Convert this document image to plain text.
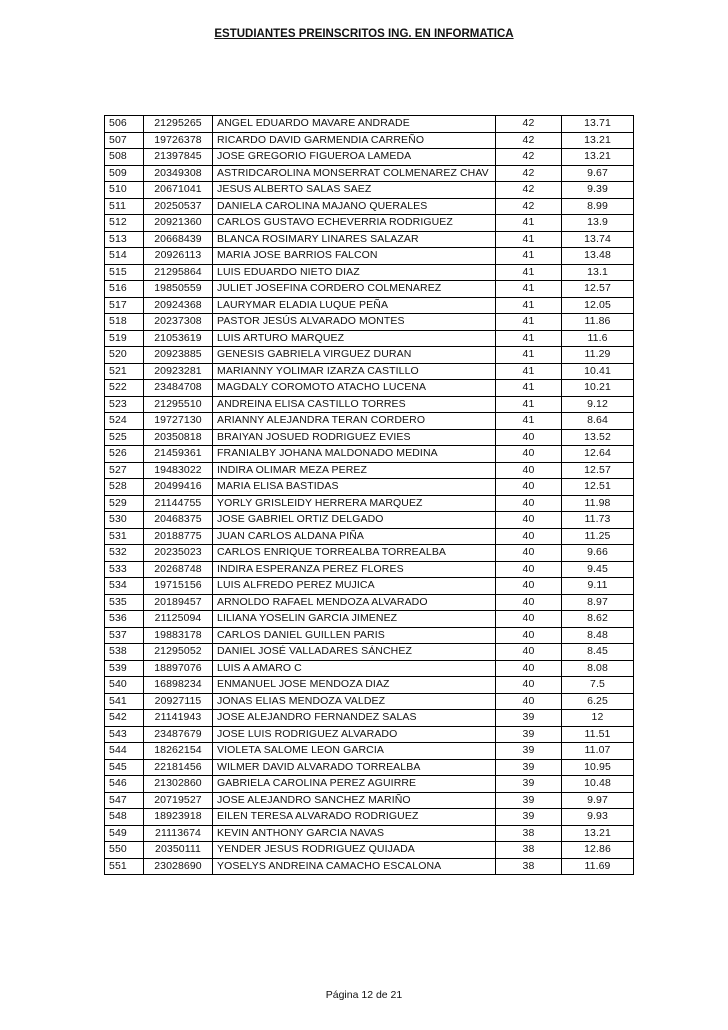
ESTUDIANTES PREINSCRITOS ING. EN INFORMATICA
506	21295265	ANGEL EDUARDO MAVARE ANDRADE	42	13.71
507	19726378	RICARDO DAVID GARMENDIA CARREÑO	42	13.21
508	21397845	JOSE GREGORIO FIGUEROA LAMEDA	42	13.21
509	20349308	ASTRIDCAROLINA MONSERRAT COLMENAREZ CHAV	42	9.67
510	20671041	JESUS ALBERTO SALAS SAEZ	42	9.39
511	20250537	DANIELA CAROLINA MAJANO QUERALES	42	8.99
512	20921360	CARLOS GUSTAVO ECHEVERRIA RODRIGUEZ	41	13.9
513	20668439	BLANCA ROSIMARY LINARES SALAZAR	41	13.74
514	20926113	MARIA JOSE BARRIOS FALCON	41	13.48
515	21295864	LUIS EDUARDO NIETO DIAZ	41	13.1
516	19850559	JULIET JOSEFINA CORDERO COLMENAREZ	41	12.57
517	20924368	LAURYMAR ELADIA LUQUE PEÑA	41	12.05
518	20237308	PASTOR JESÚS ALVARADO MONTES	41	11.86
519	21053619	LUIS ARTURO MARQUEZ	41	11.6
520	20923885	GENESIS GABRIELA VIRGUEZ DURAN	41	11.29
521	20923281	MARIANNY YOLIMAR IZARZA CASTILLO	41	10.41
522	23484708	MAGDALY COROMOTO ATACHO LUCENA	41	10.21
523	21295510	ANDREINA ELISA CASTILLO TORRES	41	9.12
524	19727130	ARIANNY ALEJANDRA TERAN CORDERO	41	8.64
525	20350818	BRAIYAN JOSUED RODRIGUEZ EVIES	40	13.52
526	21459361	FRANIALBY JOHANA MALDONADO MEDINA	40	12.64
527	19483022	INDIRA OLIMAR MEZA PEREZ	40	12.57
528	20499416	MARIA ELISA BASTIDAS	40	12.51
529	21144755	YORLY GRISLEIDY HERRERA MARQUEZ	40	11.98
530	20468375	JOSE GABRIEL ORTIZ DELGADO	40	11.73
531	20188775	JUAN CARLOS ALDANA PIÑA	40	11.25
532	20235023	CARLOS ENRIQUE TORREALBA TORREALBA	40	9.66
533	20268748	INDIRA ESPERANZA PEREZ FLORES	40	9.45
534	19715156	LUIS ALFREDO PEREZ MUJICA	40	9.11
535	20189457	ARNOLDO RAFAEL MENDOZA ALVARADO	40	8.97
536	21125094	LILIANA YOSELIN GARCIA JIMENEZ	40	8.62
537	19883178	CARLOS DANIEL GUILLEN PARIS	40	8.48
538	21295052	DANIEL JOSÉ VALLADARES SÁNCHEZ	40	8.45
539	18897076	LUIS A AMARO C	40	8.08
540	16898234	ENMANUEL JOSE MENDOZA DIAZ	40	7.5
541	20927115	JONAS ELIAS MENDOZA VALDEZ	40	6.25
542	21141943	JOSE ALEJANDRO FERNANDEZ SALAS	39	12
543	23487679	JOSE LUIS RODRIGUEZ ALVARADO	39	11.51
544	18262154	VIOLETA SALOME LEON GARCIA	39	11.07
545	22181456	WILMER DAVID ALVARADO TORREALBA	39	10.95
546	21302860	GABRIELA CAROLINA PEREZ AGUIRRE	39	10.48
547	20719527	JOSE ALEJANDRO SANCHEZ MARIÑO	39	9.97
548	18923918	EILEN TERESA ALVARADO RODRIGUEZ	39	9.93
549	21113674	KEVIN ANTHONY GARCIA NAVAS	38	13.21
550	20350111	YENDER JESUS RODRIGUEZ QUIJADA	38	12.86
551	23028690	YOSELYS ANDREINA CAMACHO ESCALONA	38	11.69
Página 12 de 21
